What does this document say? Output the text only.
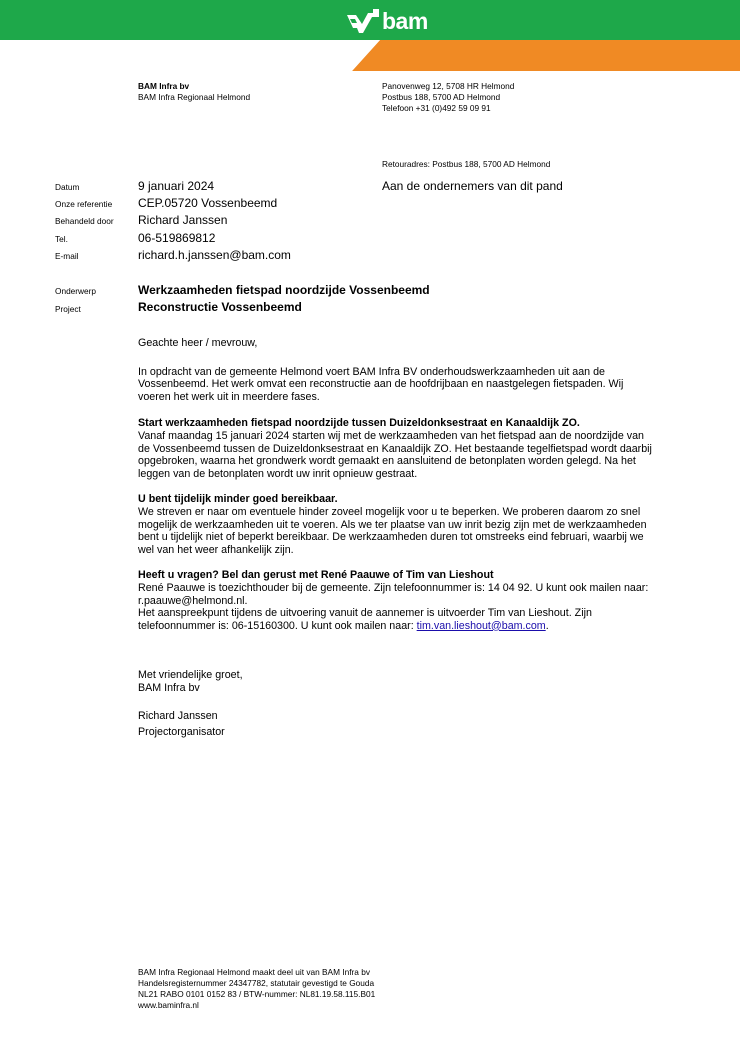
bam
BAM Infra bv
BAM Infra Regionaal Helmond
Panovenweg 12, 5708 HR Helmond
Postbus 188, 5700 AD Helmond
Telefoon +31 (0)492 59 09 91
Retouradres: Postbus 188, 5700 AD Helmond
Datum	9 januari 2024	Aan de ondernemers van dit pand
Onze referentie CEP.05720 Vossenbeemd
Behandeld door Richard Janssen
Tel.	06-519869812
E-mail	richard.h.janssen@bam.com
Onderwerp	Werkzaamheden fietspad noordzijde Vossenbeemd
Project	Reconstructie Vossenbeemd

Geachte heer / mevrouw,

In opdracht van de gemeente Helmond voert BAM Infra BV onderhoudswerkzaamheden uit aan de Vossenbeemd. Het werk omvat een reconstructie aan de hoofdrijbaan en naastgelegen fietspaden. Wij voeren het werk uit in meerdere fases.

Start werkzaamheden fietspad noordzijde tussen Duizeldonksestraat en Kanaaldijk ZO.
Vanaf maandag 15 januari 2024 starten wij met de werkzaamheden van het fietspad aan de noordzijde van de Vossenbeemd tussen de Duizeldonksestraat en Kanaaldijk ZO. Het bestaande tegelfietspad wordt daarbij opgebroken, waarna het grondwerk wordt gemaakt en aansluitend de betonplaten worden gelegd. Na het leggen van de betonplaten wordt uw inrit opnieuw gestraat.
U bent tijdelijk minder goed bereikbaar.
We streven er naar om eventuele hinder zoveel mogelijk voor u te beperken. We proberen daarom zo snel mogelijk de werkzaamheden uit te voeren. Als we ter plaatse van uw inrit bezig zijn met de werkzaamheden bent u tijdelijk niet of beperkt bereikbaar. De werkzaamheden duren tot omstreeks eind februari, waarbij we wel van het weer afhankelijk zijn.
Heeft u vragen? Bel dan gerust met René Paauwe of Tim van Lieshout
René Paauwe is toezichthouder bij de gemeente. Zijn telefoonnummer is: 14 04 92. U kunt ook mailen naar: r.paauwe@helmond.nl.
Het aanspreekpunt tijdens de uitvoering vanuit de aannemer is uitvoerder Tim van Lieshout. Zijn telefoonnummer is: 06-15160300. U kunt ook mailen naar: tim.van.lieshout@bam.com.
Met vriendelijke groet,
BAM Infra bv
Richard Janssen
Projectorganisator
BAM Infra Regionaal Helmond maakt deel uit van BAM Infra bv
Handelsregisternummer 24347782, statutair gevestigd te Gouda
NL21 RABO 0101 0152 83 / BTW-nummer: NL81.19.58.115.B01
www.baminfra.nl
